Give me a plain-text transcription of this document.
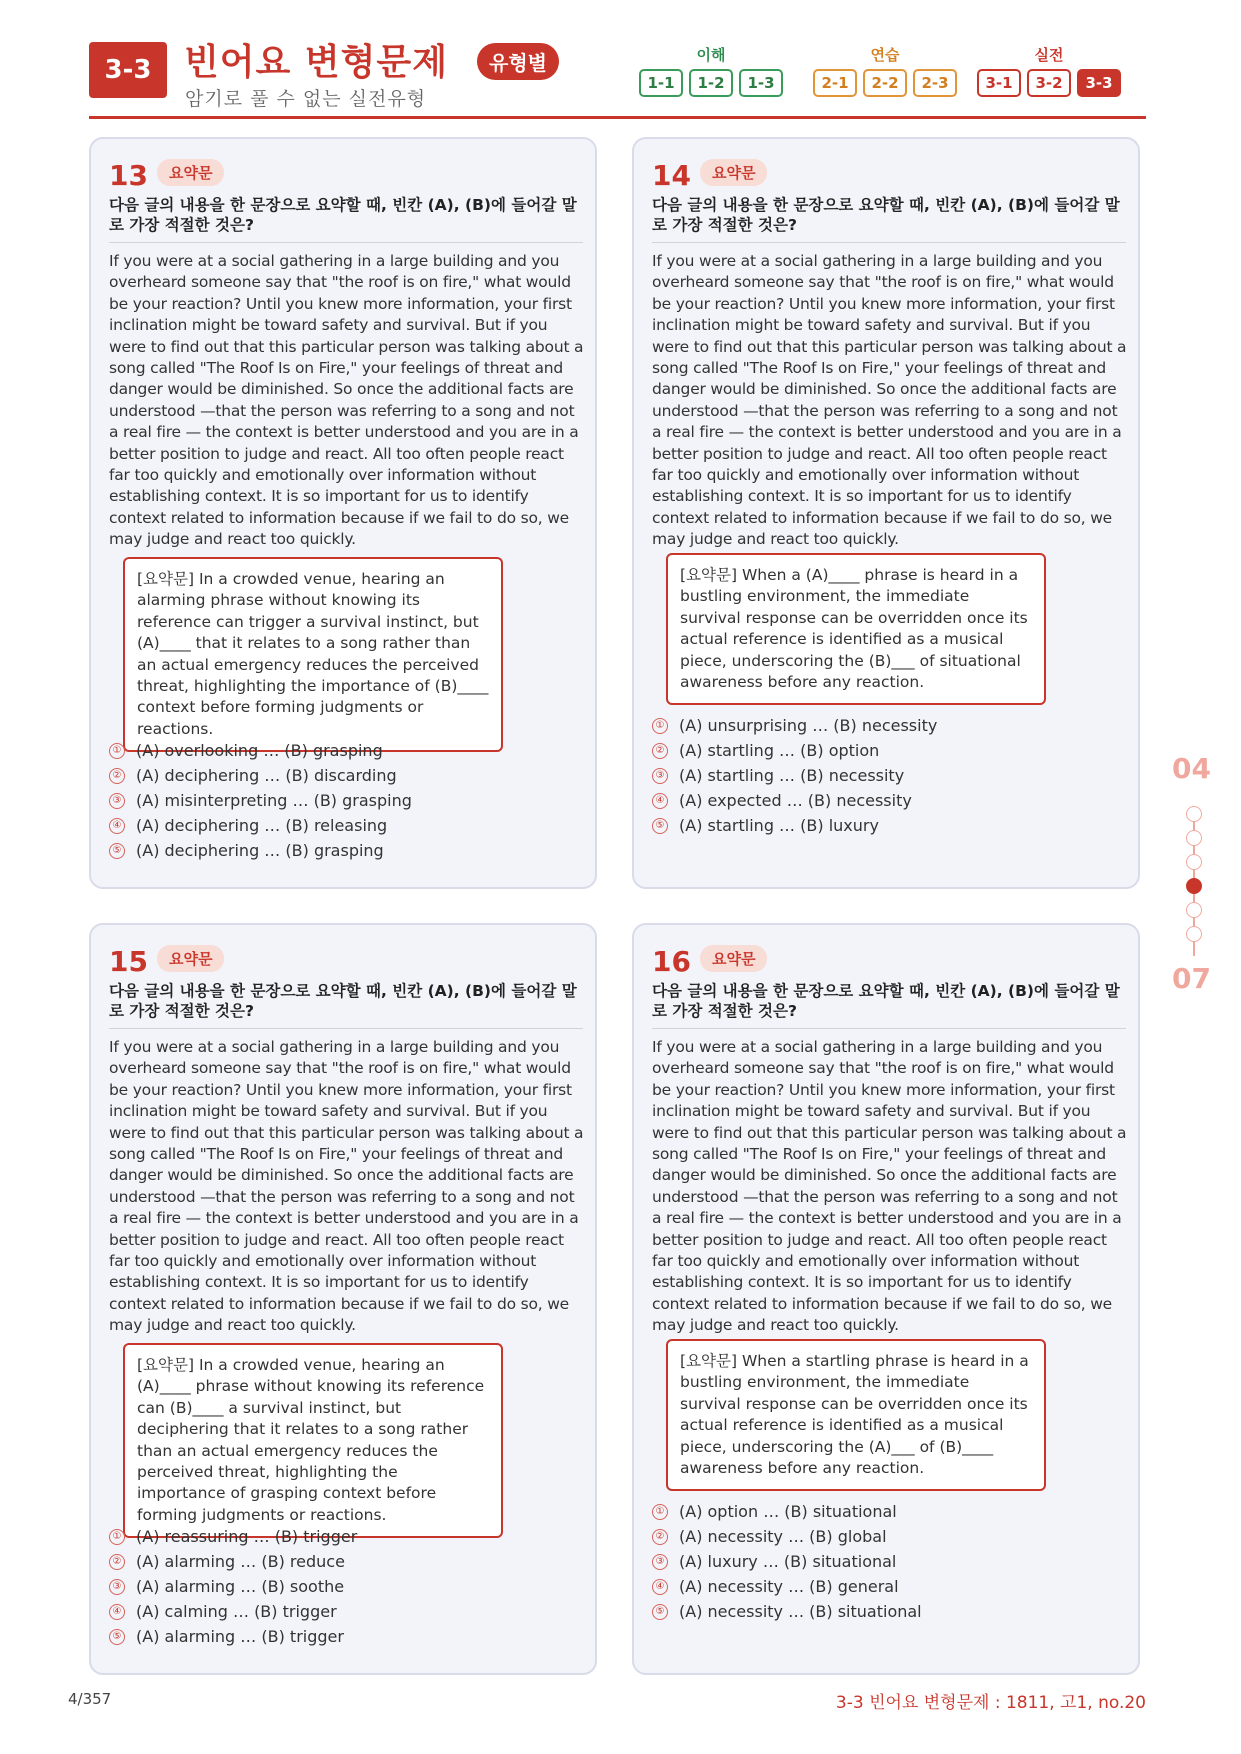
3-3 빈어요 변형문제	유형별
암기로 풀 수 없는 실전유형
이해
1-1	1-2	1-3
연습
2-1	2-2	2-3
실전
3-1	3-2	3-3
13	요약문
다음 글의 내용을 한 문장으로 요약할 때, 빈칸 (A), (B)에 들어갈 말로 가장 적절한 것은?
If you were at a social gathering in a large building and you overheard someone say that "the roof is on fire," what would be your reaction? Until you knew more information, your first inclination might be toward safety and survival. But if you were to find out that this particular person was talking about a song called "The Roof Is on Fire," your feelings of threat and danger would be diminished. So once the additional facts are understood —that the person was referring to a song and not a real fire — the context is better understood and you are in a better position to judge and react. All too often people react far too quickly and emotionally over information without establishing context. It is so important for us to identify context related to information because if we fail to do so, we may judge and react too quickly.
[요약문] In a crowded venue, hearing an alarming phrase without knowing its reference can trigger a survival instinct, but (A)____ that it relates to a song rather than an actual emergency reduces the perceived threat, highlighting the importance of (B)____ context before forming judgments or reactions.
① (A) overlooking … (B) grasping
② (A) deciphering … (B) discarding
③ (A) misinterpreting … (B) grasping
④ (A) deciphering … (B) releasing
⑤ (A) deciphering … (B) grasping
14	요약문
다음 글의 내용을 한 문장으로 요약할 때, 빈칸 (A), (B)에 들어갈 말로 가장 적절한 것은?
If you were at a social gathering in a large building and you overheard someone say that "the roof is on fire," what would be your reaction? Until you knew more information, your first inclination might be toward safety and survival. But if you were to find out that this particular person was talking about a song called "The Roof Is on Fire," your feelings of threat and danger would be diminished. So once the additional facts are understood —that the person was referring to a song and not a real fire — the context is better understood and you are in a better position to judge and react. All too often people react far too quickly and emotionally over information without establishing context. It is so important for us to identify context related to information because if we fail to do so, we may judge and react too quickly.
[요약문] When a (A)____ phrase is heard in a bustling environment, the immediate survival response can be overridden once its actual reference is identified as a musical piece, underscoring the (B)___ of situational awareness before any reaction.
① (A) unsurprising … (B) necessity
② (A) startling … (B) option
③ (A) startling … (B) necessity
④ (A) expected … (B) necessity
⑤ (A) startling … (B) luxury
15	요약문
다음 글의 내용을 한 문장으로 요약할 때, 빈칸 (A), (B)에 들어갈 말로 가장 적절한 것은?
If you were at a social gathering in a large building and you overheard someone say that "the roof is on fire," what would be your reaction? Until you knew more information, your first inclination might be toward safety and survival. But if you were to find out that this particular person was talking about a song called "The Roof Is on Fire," your feelings of threat and danger would be diminished. So once the additional facts are understood —that the person was referring to a song and not a real fire — the context is better understood and you are in a better position to judge and react. All too often people react far too quickly and emotionally over information without establishing context. It is so important for us to identify context related to information because if we fail to do so, we may judge and react too quickly.
[요약문] In a crowded venue, hearing an (A)____ phrase without knowing its reference can (B)____ a survival instinct, but deciphering that it relates to a song rather than an actual emergency reduces the perceived threat, highlighting the importance of grasping context before forming judgments or reactions.
① (A) reassuring … (B) trigger
② (A) alarming … (B) reduce
③ (A) alarming … (B) soothe
④ (A) calming … (B) trigger
⑤ (A) alarming … (B) trigger
16	요약문
다음 글의 내용을 한 문장으로 요약할 때, 빈칸 (A), (B)에 들어갈 말로 가장 적절한 것은?
If you were at a social gathering in a large building and you overheard someone say that "the roof is on fire," what would be your reaction? Until you knew more information, your first inclination might be toward safety and survival. But if you were to find out that this particular person was talking about a song called "The Roof Is on Fire," your feelings of threat and danger would be diminished. So once the additional facts are understood —that the person was referring to a song and not a real fire — the context is better understood and you are in a better position to judge and react. All too often people react far too quickly and emotionally over information without establishing context. It is so important for us to identify context related to information because if we fail to do so, we may judge and react too quickly.
[요약문] When a startling phrase is heard in a bustling environment, the immediate survival response can be overridden once its actual reference is identified as a musical piece, underscoring the (A)___ of (B)____ awareness before any reaction.
① (A) option … (B) situational
② (A) necessity … (B) global
③ (A) luxury … (B) situational
④ (A) necessity … (B) general
⑤ (A) necessity … (B) situational
04
07
4/357	3-3 빈어요 변형문제 : 1811, 고1, no.20
